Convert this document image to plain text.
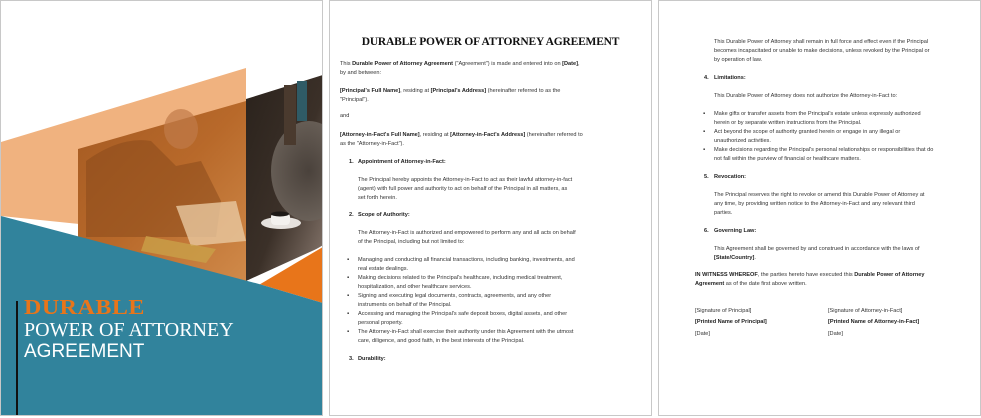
DURABLE
POWER OF ATTORNEY
AGREEMENT
DURABLE POWER OF ATTORNEY AGREEMENT
This Durable Power of Attorney Agreement ("Agreement") is made and entered into on [Date],
by and between:
[Principal's Full Name], residing at [Principal's Address] (hereinafter referred to as the
"Principal").
and
[Attorney-in-Fact's Full Name], residing at [Attorney-in-Fact's Address] (hereinafter referred to
as the "Attorney-in-Fact").
1. Appointment of Attorney-in-Fact:
The Principal hereby appoints the Attorney-in-Fact to act as their lawful attorney-in-fact
(agent) with full power and authority to act on behalf of the Principal in all matters, as
set forth herein.
2. Scope of Authority:
The Attorney-in-Fact is authorized and empowered to perform any and all acts on behalf
of the Principal, including but not limited to:
▪ Managing and conducting all financial transactions, including banking, investments, and
real estate dealings.
▪ Making decisions related to the Principal's healthcare, including medical treatment,
hospitalization, and other healthcare services.
▪ Signing and executing legal documents, contracts, agreements, and any other
instruments on behalf of the Principal.
▪ Accessing and managing the Principal's safe deposit boxes, digital assets, and other
personal property.
▪ The Attorney-in-Fact shall exercise their authority under this Agreement with the utmost
care, diligence, and good faith, in the best interests of the Principal.
3. Durability:
This Durable Power of Attorney shall remain in full force and effect even if the Principal
becomes incapacitated or unable to make decisions, unless revoked by the Principal or
by operation of law.
4. Limitations:
This Durable Power of Attorney does not authorize the Attorney-in-Fact to:
▪ Make gifts or transfer assets from the Principal's estate unless expressly authorized
herein or by separate written instructions from the Principal.
▪ Act beyond the scope of authority granted herein or engage in any illegal or
unauthorized activities.
▪ Make decisions regarding the Principal's personal relationships or responsibilities that do
not fall within the purview of financial or healthcare matters.
5. Revocation:
The Principal reserves the right to revoke or amend this Durable Power of Attorney at
any time, by providing written notice to the Attorney-in-Fact and any relevant third
parties.
6. Governing Law:
This Agreement shall be governed by and construed in accordance with the laws of
[State/Country].
IN WITNESS WHEREOF, the parties hereto have executed this Durable Power of Attorney
Agreement as of the date first above written.
[Signature of Principal]
[Printed Name of Principal]
[Date]
[Signature of Attorney-in-Fact]
[Printed Name of Attorney-in-Fact]
[Date]
